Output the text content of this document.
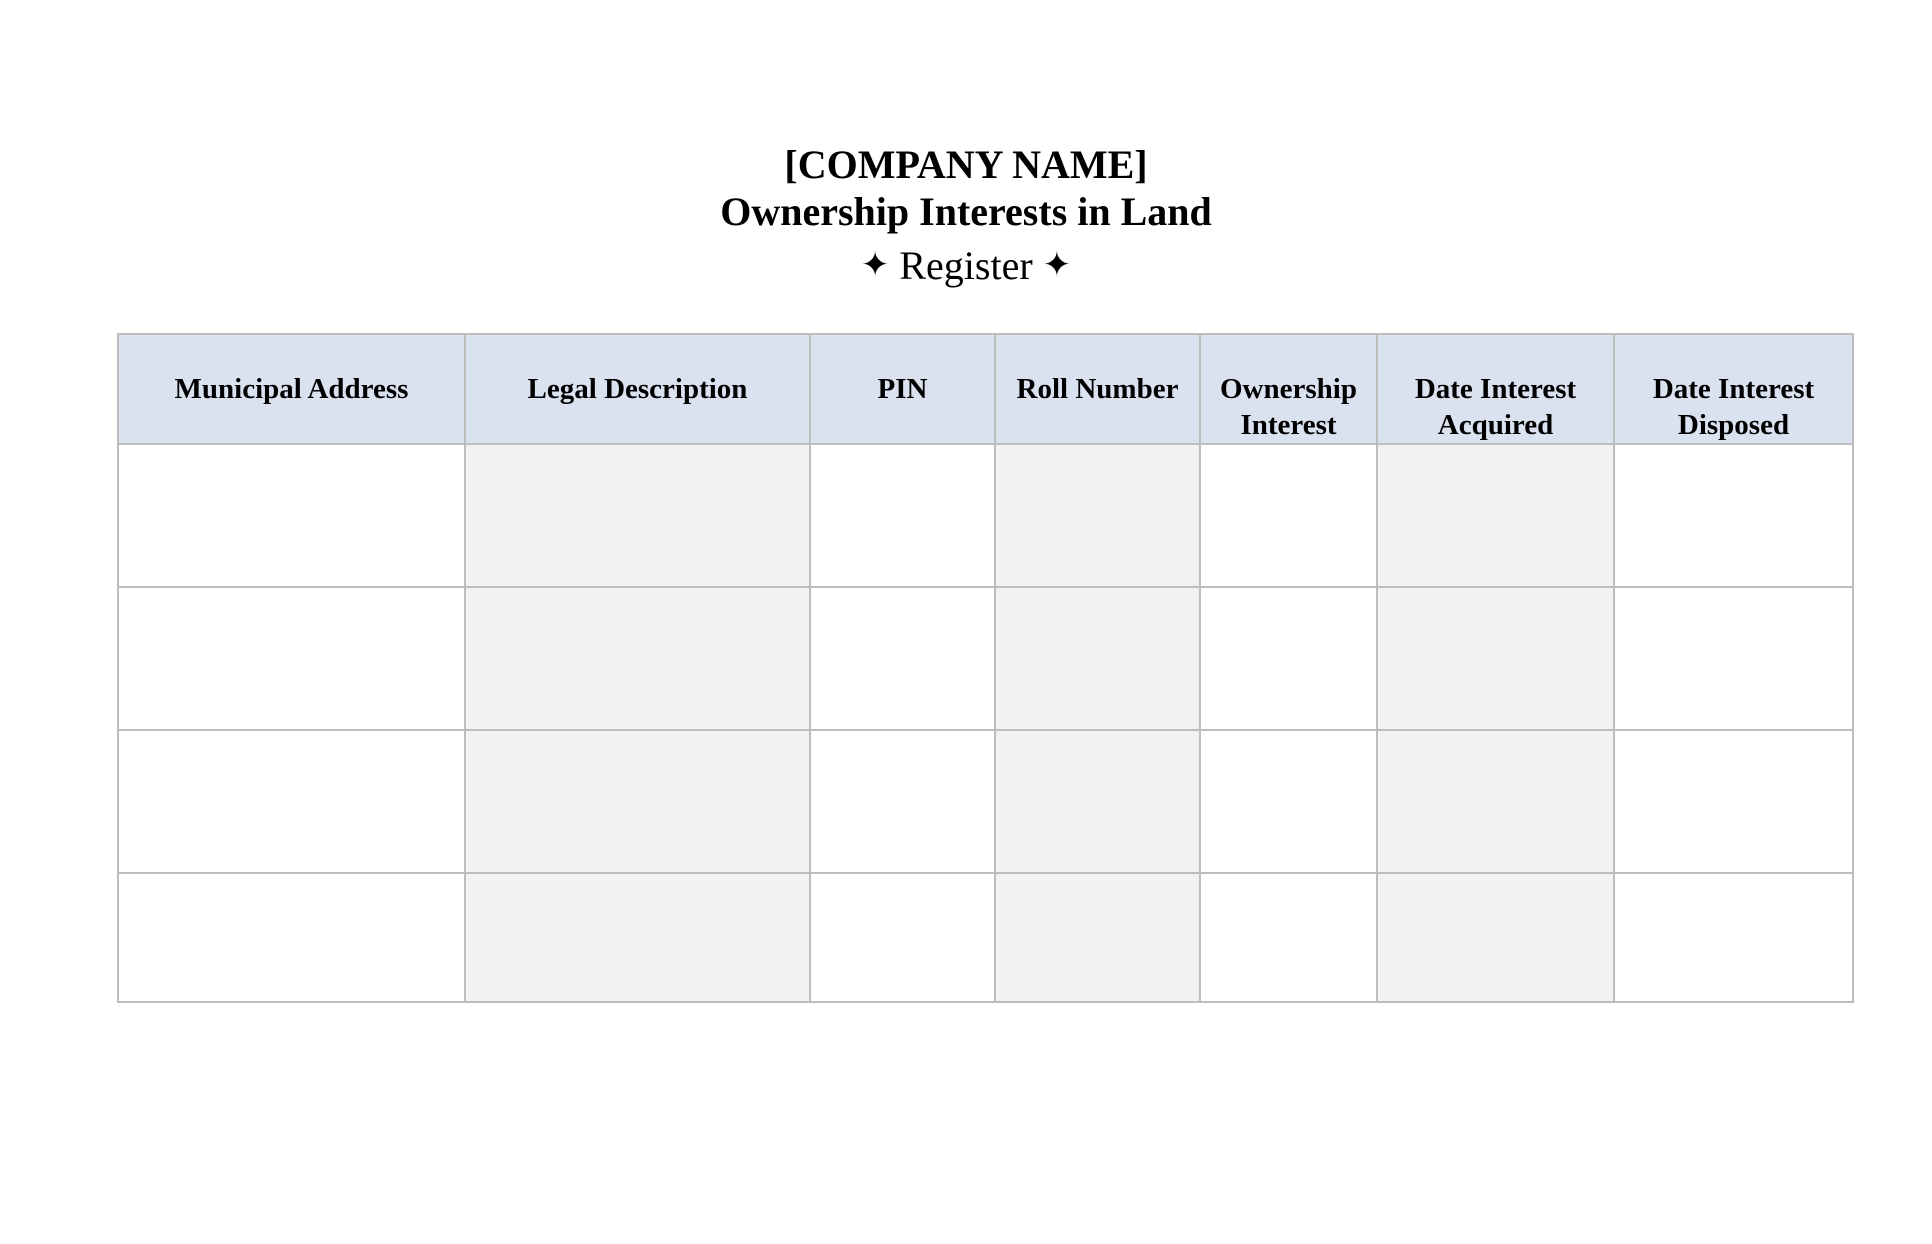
[COMPANY NAME]
Ownership Interests in Land
✦ Register ✦
Municipal Address	Legal Description	PIN	Roll Number	Ownership Interest	Date Interest Acquired	Date Interest Disposed
